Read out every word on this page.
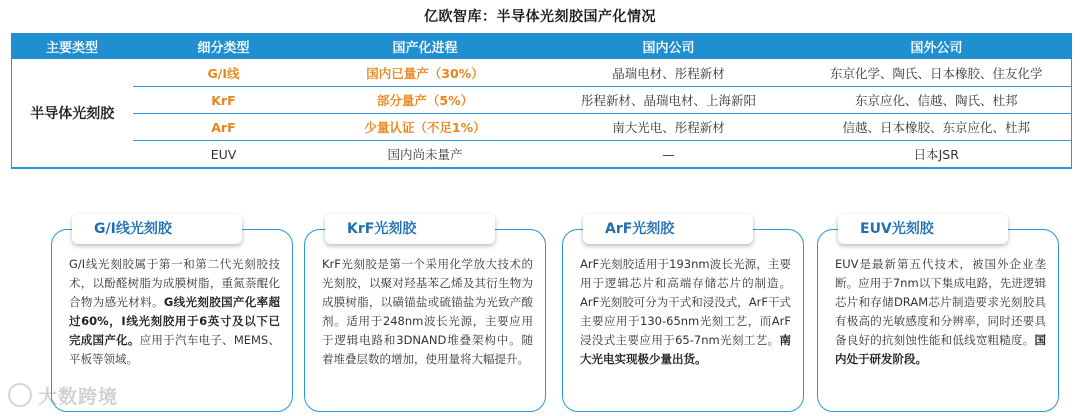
亿欧智库：半导体光刻胶国产化情况
主要类型	细分类型	国产化进程	国内公司	国外公司
半导体光刻胶	G/I线	国内已量产（30%）	晶瑞电材、彤程新材	东京化学、陶氏、日本橡胶、住友化学
	KrF	部分量产（5%）	彤程新材、晶瑞电材、上海新阳	东京应化、信越、陶氏、杜邦
	ArF	少量认证（不足1%）	南大光电、彤程新材	信越、日本橡胶、东京应化、杜邦
	EUV	国内尚未量产	—	日本JSR
G/I线光刻胶
G/I线光刻胶属于第一和第二代光刻胶技术，以酚醛树脂为成膜树脂，重氮萘醌化合物为感光材料。G线光刻胶国产化率超过60%，I线光刻胶用于6英寸及以下已完成国产化。应用于汽车电子、MEMS、平板等领域。
KrF光刻胶
KrF光刻胶是第一个采用化学放大技术的光刻胶，以聚对羟基苯乙烯及其衍生物为成膜树脂，以磺锚盐或硫锚盐为光致产酸剂。适用于248nm波长光源，主要应用于逻辑电路和3DNAND堆叠架构中。随着堆叠层数的增加，使用量将大幅提升。
ArF光刻胶
ArF光刻胶适用于193nm波长光源，主要用于逻辑芯片和高端存储芯片的制造。ArF光刻胶可分为干式和浸没式，ArF干式主要应用于130-65nm光刻工艺，而ArF浸没式主要应用于65-7nm光刻工艺。南大光电实现极少量出货。
EUV光刻胶
EUV是最新第五代技术，被国外企业垄断。应用于7nm以下集成电路，先进逻辑芯片和存储DRAM芯片制造要求光刻胶具有极高的光敏感度和分辨率，同时还要具备良好的抗刻蚀性能和低线宽粗糙度。国内处于研发阶段。
大数跨境
